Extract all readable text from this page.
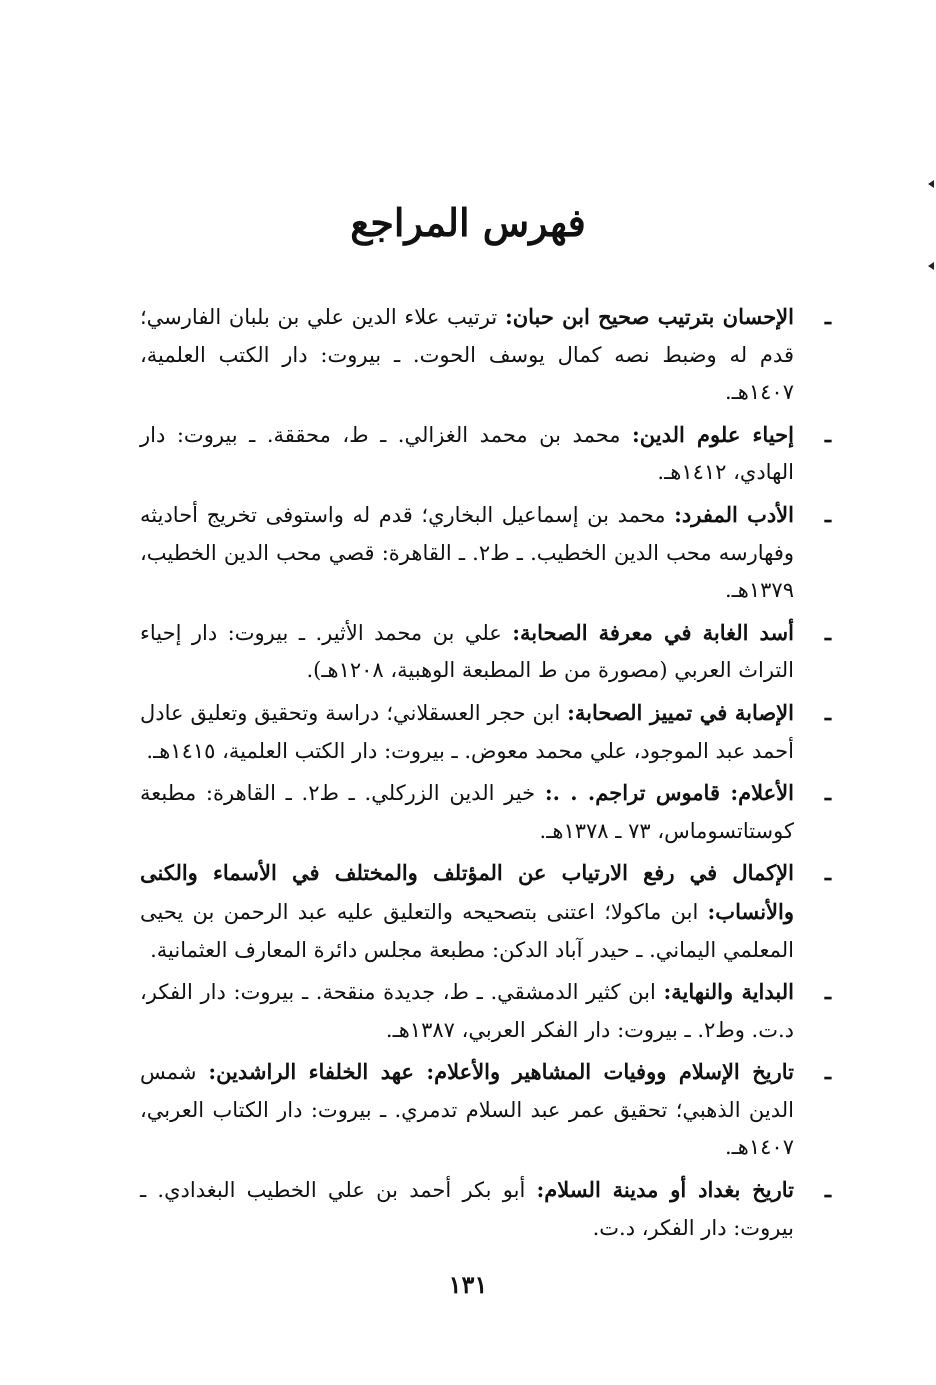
فهرس المراجع
ـ
الإحسان بترتيب صحيح ابن حبان: ترتيب علاء الدين علي بن بلبان الفارسي؛ قدم له وضبط نصه كمال يوسف الحوت. ـ بيروت: دار الكتب العلمية، ١٤٠٧هـ.
ـ
إحياء علوم الدين: محمد بن محمد الغزالي. ـ ط، محققة. ـ بيروت: دار الهادي، ١٤١٢هـ.
ـ
الأدب المفرد: محمد بن إسماعيل البخاري؛ قدم له واستوفى تخريج أحاديثه وفهارسه محب الدين الخطيب. ـ ط٢. ـ القاهرة: قصي محب الدين الخطيب، ١٣٧٩هـ.
ـ
أسد الغابة في معرفة الصحابة: علي بن محمد الأثير. ـ بيروت: دار إحياء التراث العربي (مصورة من ط المطبعة الوهبية، ١٢٠٨هـ).
ـ
الإصابة في تمييز الصحابة: ابن حجر العسقلاني؛ دراسة وتحقيق وتعليق عادل أحمد عبد الموجود، علي محمد معوض. ـ بيروت: دار الكتب العلمية، ١٤١٥هـ.
ـ
الأعلام: قاموس تراجم. . .: خير الدين الزركلي. ـ ط٢. ـ القاهرة: مطبعة كوستاتسوماس، ٧٣ ـ ١٣٧٨هـ.
ـ
الإكمال في رفع الارتياب عن المؤتلف والمختلف في الأسماء والكنى والأنساب: ابن ماكولا؛ اعتنى بتصحيحه والتعليق عليه عبد الرحمن بن يحيى المعلمي اليماني. ـ حيدر آباد الدكن: مطبعة مجلس دائرة المعارف العثمانية.
ـ
البداية والنهاية: ابن كثير الدمشقي. ـ ط، جديدة منقحة. ـ بيروت: دار الفكر، د.ت. وط٢. ـ بيروت: دار الفكر العربي، ١٣٨٧هـ.
ـ
تاريخ الإسلام ووفيات المشاهير والأعلام: عهد الخلفاء الراشدين: شمس الدين الذهبي؛ تحقيق عمر عبد السلام تدمري. ـ بيروت: دار الكتاب العربي، ١٤٠٧هـ.
ـ
تاريخ بغداد أو مدينة السلام: أبو بكر أحمد بن علي الخطيب البغدادي. ـ بيروت: دار الفكر، د.ت.
١٣١
